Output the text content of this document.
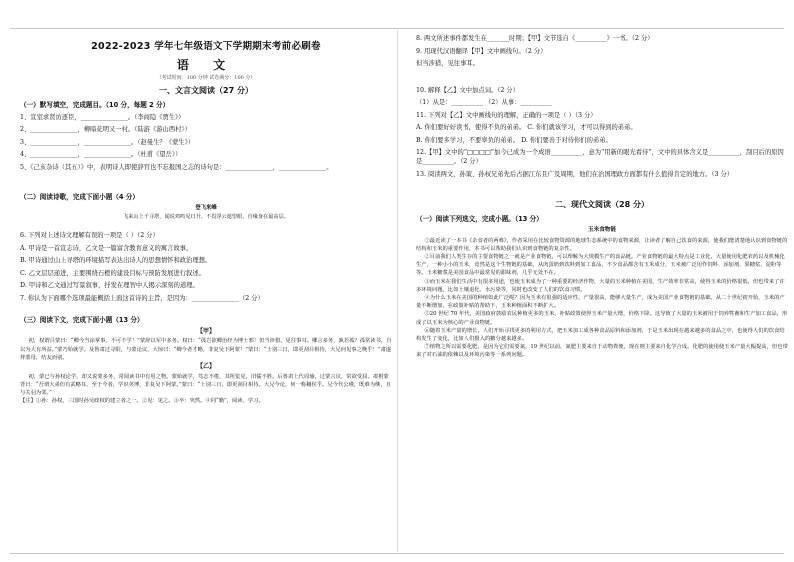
2022-2023 学年七年级语文下学期期末考前必刷卷
语 文
（考试时间：100 分钟 试卷满分：100 分）
一、文言文阅读（27 分）
（一）默写填空，完成题目。（10 分，每题 2 分）
1、宣室求贤访逐臣，_______________。（李商隐《贾生》）
2、_______________，柳暗花明又一村。（陆游《游山西村》）
3、_______________，_______________。（赵曼生？《蒙生》）
4、_______________，_______________。（杜甫《望岳》）
5、《己亥杂诗（其五）》中，表明诗人即使辞官也不忘报国之志的诗句是：_______________，_______________。
（二）阅读诗歌，完成下面小题（4 分）
登飞来峰
飞来山上千寻塔，闻说鸡鸣见日升。不畏浮云遮望眼，自缘身在最高层。
6. 下列对上述诗文理解有误的一项是（ ）（2 分）
A. 甲诗是一首宣志诗，乙文是一篇富含教育意义的寓言故事。
B. 甲诗通过山上寻塔的环境描写表达出诗人的思想情怀和政治理想。
C. 乙文层层递进，主要围绕石橙的建设目标与预防发展进行叙述。
D. 甲诗和乙文通过写景叙事，抒发在理智中人揭示深刻的道理。
7. 你认为下面哪个选项最能概括上面这首诗的主旨，是因为：_______________（2 分）
（三）阅读下文，完成下面小题（13 分）
【甲】
初，权谓吕蒙曰：“卿今当涂掌事，不可不学！”蒙辞以军中多务。权曰：“孤岂欲卿治经为博士邪！但当涉猎，见往事耳。卿言多务，孰若孤？孤常读书，自以为大有所益。”蒙乃始就学。及鲁肃过寻阳，与蒙论议，大惊曰：“卿今者才略，非复吴下阿蒙！”蒙曰：“士别三日，即更刮目相待，大兄何见事之晚乎！”肃遂拜蒙母，结友而别。
【乙】
初，蒙已与孙权论学，却又说蒙多务，常阅读书中有用之物。蒙始就学，笃志不倦，其所览见，旧儒不胜。后鲁肃上代周瑜，过蒙言议，常欲受屈。肃拊蒙背曰：“吾谓大弟但有武略耳，至于今者，学识英博，非复吴下阿蒙。”蒙曰：“士别三日，即更刮目相待。大兄今论，何一称穰侯乎。兄今代公瑾，既难为继，且与关羽为邻。”
【注】①孙：孙权，三国时孙吴政权的建立者之一。②见：见之。③卒：突然。④同“籍”，阅读、学习。
8. 两文所述事件都发生在_______时期；【甲】文节选自《__________》一书。（2 分）
9. 用现代汉语翻译【甲】文中画线句。（2 分）
但当涉猎，见往事耳。
10. 解释【乙】文中加点词。（2 分）
（1）从是：__________ （2）从事：__________
11. 下列对【乙】文中画线句的理解，正确的一项是（ ）（3 分）
A. 你们要好好读书，使得不负的弟弟。 C. 你们就该学习，才可以得到的弟弟。
B. 你们要多学习，不要辜负的弟弟。 D. 你们要善于对待你们的弟弟。
12.【甲】文中的“□□□□”加今已成为一个成语__________，意为“用新的眼光看待”，文中的具体含义是__________，刮目后的原因是__________。（2 分）
13. 阅读两文，孙策、孙权兄弟先后占据江东且广及周期，他们在治国理政方面都有什么值得肯定的地方。（3 分）
二、现代文阅读（28 分）
（一）阅读下列选文，完成小题。（13 分）
玉米食物链
①最近读了一本书《杂食者的两难》，作者采用在比较食物资源的地球生态系统中的食物来源，让读者了解自己饮食的来源，使我们能清楚地认识到食物链的结构和玉米的重要作用，本书可以帮助我们认识到食物链的复杂性。
②目前我们人类生存的主要食物链之一就是产业食物链，可以理解为大规模生产的食品链。产业食物链的最大特点是工业化，大量使用化肥农药以及机械化生产，一种小小的玉米，竟然是这个生物链的基础，从肉蛋奶到饮料到加工食品，不少食品都含有玉米成分，玉米被广泛用作饲料、添加剂、果糖浆、淀粉等等。玉米糖浆是美国食品中最常见的甜味剂，几乎无处不在。
③而玉米在我们生活中有很多用途，也使玉米成为了一种重要的经济作物，大量的玉米种植在美国，生产效率非常高，使得玉米的价格很低，但也带来了许多环境问题，比如土壤退化、水污染等，同时也改变了人们的饮食习惯。
④为什么玉米在美国的种植如此广泛呢？因为玉米有很强的适应性，产量很高，能够大量生产，成为美国产业食物链的基础。从二十世纪初开始，玉米的产量不断增加，在政策补贴的帮助下，玉米种植面积不断扩大。
⑤20 世纪 70 年代，美国政府鼓励农民种植更多的玉米，补贴政策使得玉米产量大增，价格下降。这导致了大量的玉米被用于饲养牲畜和生产加工食品，形成了以玉米为核心的产业食物链。
⑥随着玉米产量的增长，人们开始寻找更多的利用方式，把玉米加工成各种食品原料和添加剂，于是玉米出现在越来越多的食品之中，也使得人们的饮食结构发生了变化，比如人们摄入的糖分越来越多。
⑦植物之所以需要化肥，是因为它们需要氮，19 世纪以前，氮肥主要来自于动物粪便，现在则主要来自化学合成。化肥的使用使玉米产量大幅提高，但也带来了对石油的依赖以及环境污染等一系列问题。
